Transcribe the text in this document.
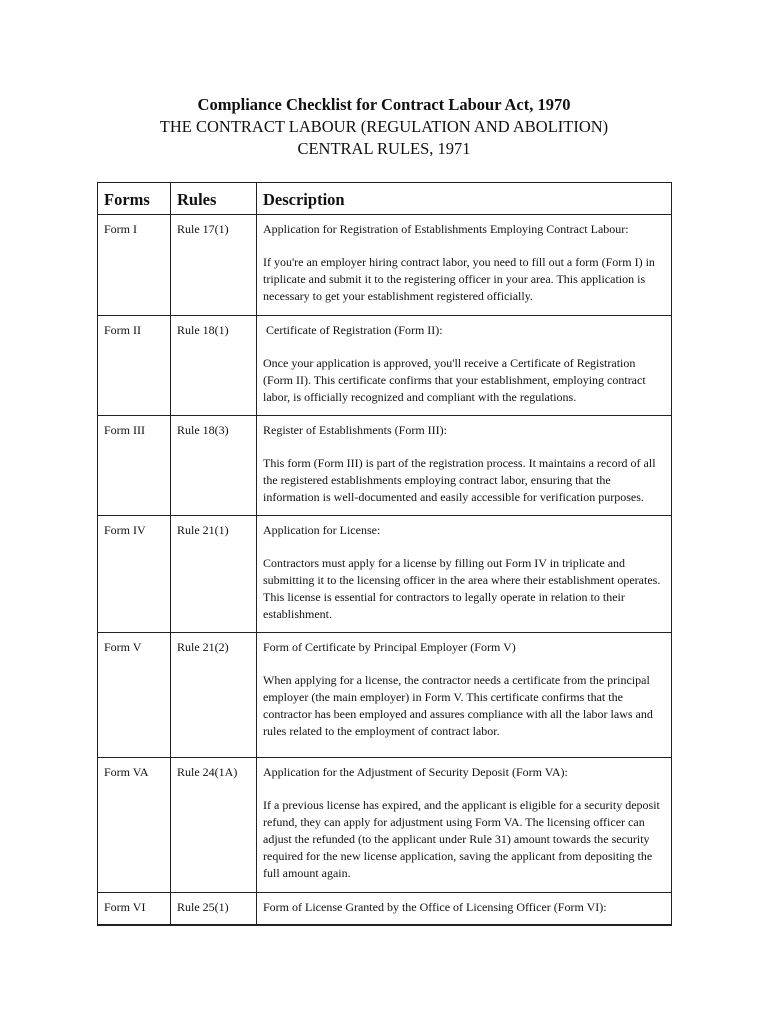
Compliance Checklist for Contract Labour Act, 1970
THE CONTRACT LABOUR (REGULATION AND ABOLITION)
CENTRAL RULES, 1971
Forms	Rules	Description
Form I	Rule 17(1)	Application for Registration of Establishments Employing Contract Labour:

If you're an employer hiring contract labor, you need to fill out a form (Form I) in triplicate and submit it to the registering officer in your area. This application is necessary to get your establishment registered officially.

Form II	Rule 18(1)	Certificate of Registration (Form II):

Once your application is approved, you'll receive a Certificate of Registration (Form II). This certificate confirms that your establishment, employing contract labor, is officially recognized and compliant with the regulations.

Form III	Rule 18(3)	Register of Establishments (Form III):

This form (Form III) is part of the registration process. It maintains a record of all the registered establishments employing contract labor, ensuring that the information is well-documented and easily accessible for verification purposes.

Form IV	Rule 21(1)	Application for License:

Contractors must apply for a license by filling out Form IV in triplicate and submitting it to the licensing officer in the area where their establishment operates. This license is essential for contractors to legally operate in relation to their establishment.

Form V	Rule 21(2)	Form of Certificate by Principal Employer (Form V)

When applying for a license, the contractor needs a certificate from the principal employer (the main employer) in Form V. This certificate confirms that the contractor has been employed and assures compliance with all the labor laws and rules related to the employment of contract labor.

Form VA	Rule 24(1A)	Application for the Adjustment of Security Deposit (Form VA):

If a previous license has expired, and the applicant is eligible for a security deposit refund, they can apply for adjustment using Form VA. The licensing officer can adjust the refunded (to the applicant under Rule 31) amount towards the security required for the new license application, saving the applicant from depositing the full amount again.

Form VI	Rule 25(1)	Form of License Granted by the Office of Licensing Officer (Form VI):
